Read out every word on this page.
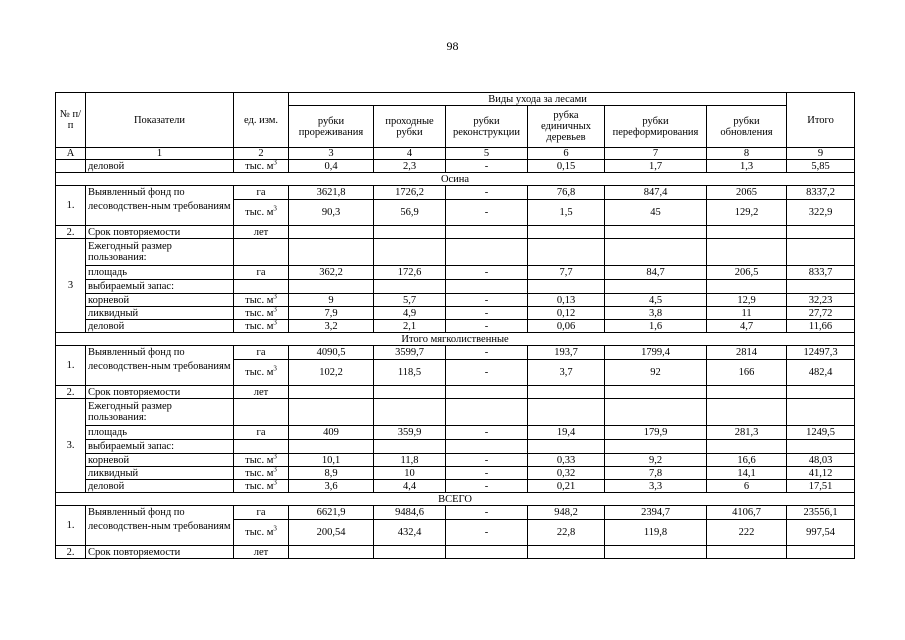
98
№ п/п	Показатели	ед. изм.	Виды ухода за лесами						Итого
			рубки прореживания	проходные рубки	рубки реконструкции	рубка единичных деревьев	рубки переформирования	рубки обновления	
А	1	2	3	4	5	6	7	8	9
	деловой	тыс. $м^3$	0,4	2,3	-	0,15	1,7	1,3	5,85
Осина									
1.	Выявленный фонд по лесоводствен-ным требованиям	га	3621,8	1726,2	-	76,8	847,4	2065	8337,2
		тыс. $м^3$	90,3	56,9	-	1,5	45	129,2	322,9
2.	Срок повторяемости	лет							
3	Ежегодный размер пользования:								
	площадь	га	362,2	172,6	-	7,7	84,7	206,5	833,7
	выбираемый запас:								
	корневой	тыс. $м^3$	9	5,7	-	0,13	4,5	12,9	32,23
	ликвидный	тыс. $м^3$	7,9	4,9	-	0,12	3,8	11	27,72
	деловой	тыс. $м^3$	3,2	2,1	-	0,06	1,6	4,7	11,66
Итого мягколиственные									
1.	Выявленный фонд по лесоводствен-ным требованиям	га	4090,5	3599,7	-	193,7	1799,4	2814	12497,3
		тыс. $м^3$	102,2	118,5	-	3,7	92	166	482,4
2.	Срок повторяемости	лет							
3.	Ежегодный размер пользования:								
	площадь	га	409	359,9	-	19,4	179,9	281,3	1249,5
	выбираемый запас:								
	корневой	тыс. $м^3$	10,1	11,8	-	0,33	9,2	16,6	48,03
	ликвидный	тыс. $м^3$	8,9	10	-	0,32	7,8	14,1	41,12
	деловой	тыс. $м^3$	3,6	4,4	-	0,21	3,3	6	17,51
ВСЕГО									
1.	Выявленный фонд по лесоводствен-ным требованиям	га	6621,9	9484,6	-	948,2	2394,7	4106,7	23556,1
		тыс. $м^3$	200,54	432,4	-	22,8	119,8	222	997,54
2.	Срок повторяемости	лет							
